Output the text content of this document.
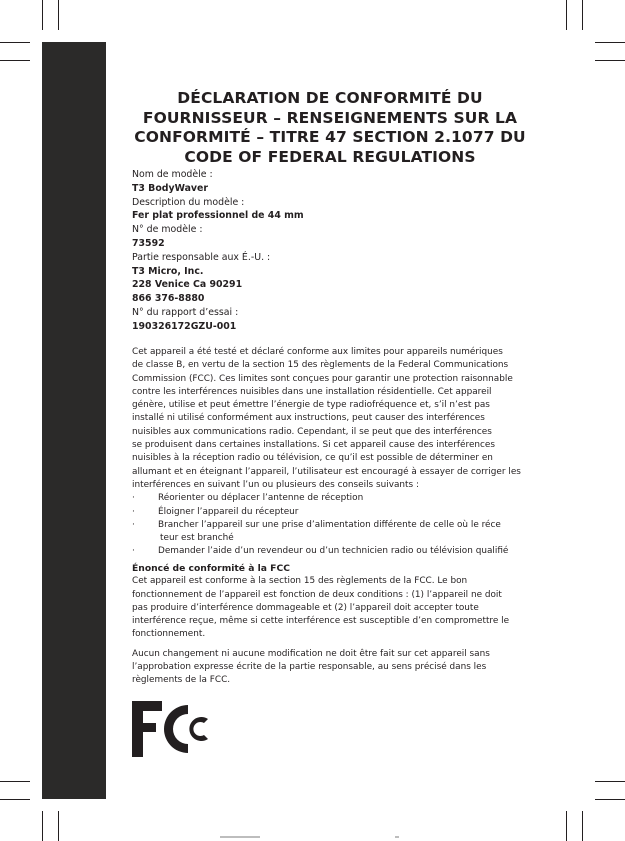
DÉCLARATION DE CONFORMITÉ DU
FOURNISSEUR – RENSEIGNEMENTS SUR LA
CONFORMITÉ – TITRE 47 SECTION 2.1077 DU
CODE OF FEDERAL REGULATIONS
Nom de modèle :
T3 BodyWaver
Description du modèle :
Fer plat professionnel de 44 mm
N° de modèle :
73592
Partie responsable aux É.-U. :
T3 Micro, Inc.
228 Venice Ca 90291
866 376-8880
N° du rapport d’essai :
190326172GZU-001

Cet appareil a été testé et déclaré conforme aux limites pour appareils numériques

de classe B, en vertu de la section 15 des règlements de la Federal Communications

Commission (FCC). Ces limites sont conçues pour garantir une protection raisonnable

contre les interférences nuisibles dans une installation résidentielle. Cet appareil

génère, utilise et peut émettre l’énergie de type radiofréquence et, s’il n’est pas

installé ni utilisé conformément aux instructions, peut causer des interférences

nuisibles aux communications radio. Cependant, il se peut que des interférences

se produisent dans certaines installations. Si cet appareil cause des interférences

nuisibles à la réception radio ou télévision, ce qu’il est possible de déterminer en

allumant et en éteignant l’appareil, l’utilisateur est encouragé à essayer de corriger les

interférences en suivant l’un ou plusieurs des conseils suivants :

·	Réorienter ou déplacer l’antenne de réception
·	Éloigner l’appareil du récepteur
·	Brancher l’appareil sur une prise d’alimentation différente de celle où le réce
teur est branché
·	Demander l’aide d’un revendeur ou d’un technicien radio ou télévision qualifié
Énoncé de conformité à la FCC

Cet appareil est conforme à la section 15 des règlements de la FCC. Le bon
fonctionnement de l’appareil est fonction de deux conditions : (1) l’appareil ne doit
pas produire d’interférence dommageable et (2) l’appareil doit accepter toute
interférence reçue, même si cette interférence est susceptible d’en compromettre le
fonctionnement.

Aucun changement ni aucune modification ne doit être fait sur cet appareil sans
l’approbation expresse écrite de la partie responsable, au sens précisé dans les
règlements de la FCC.
